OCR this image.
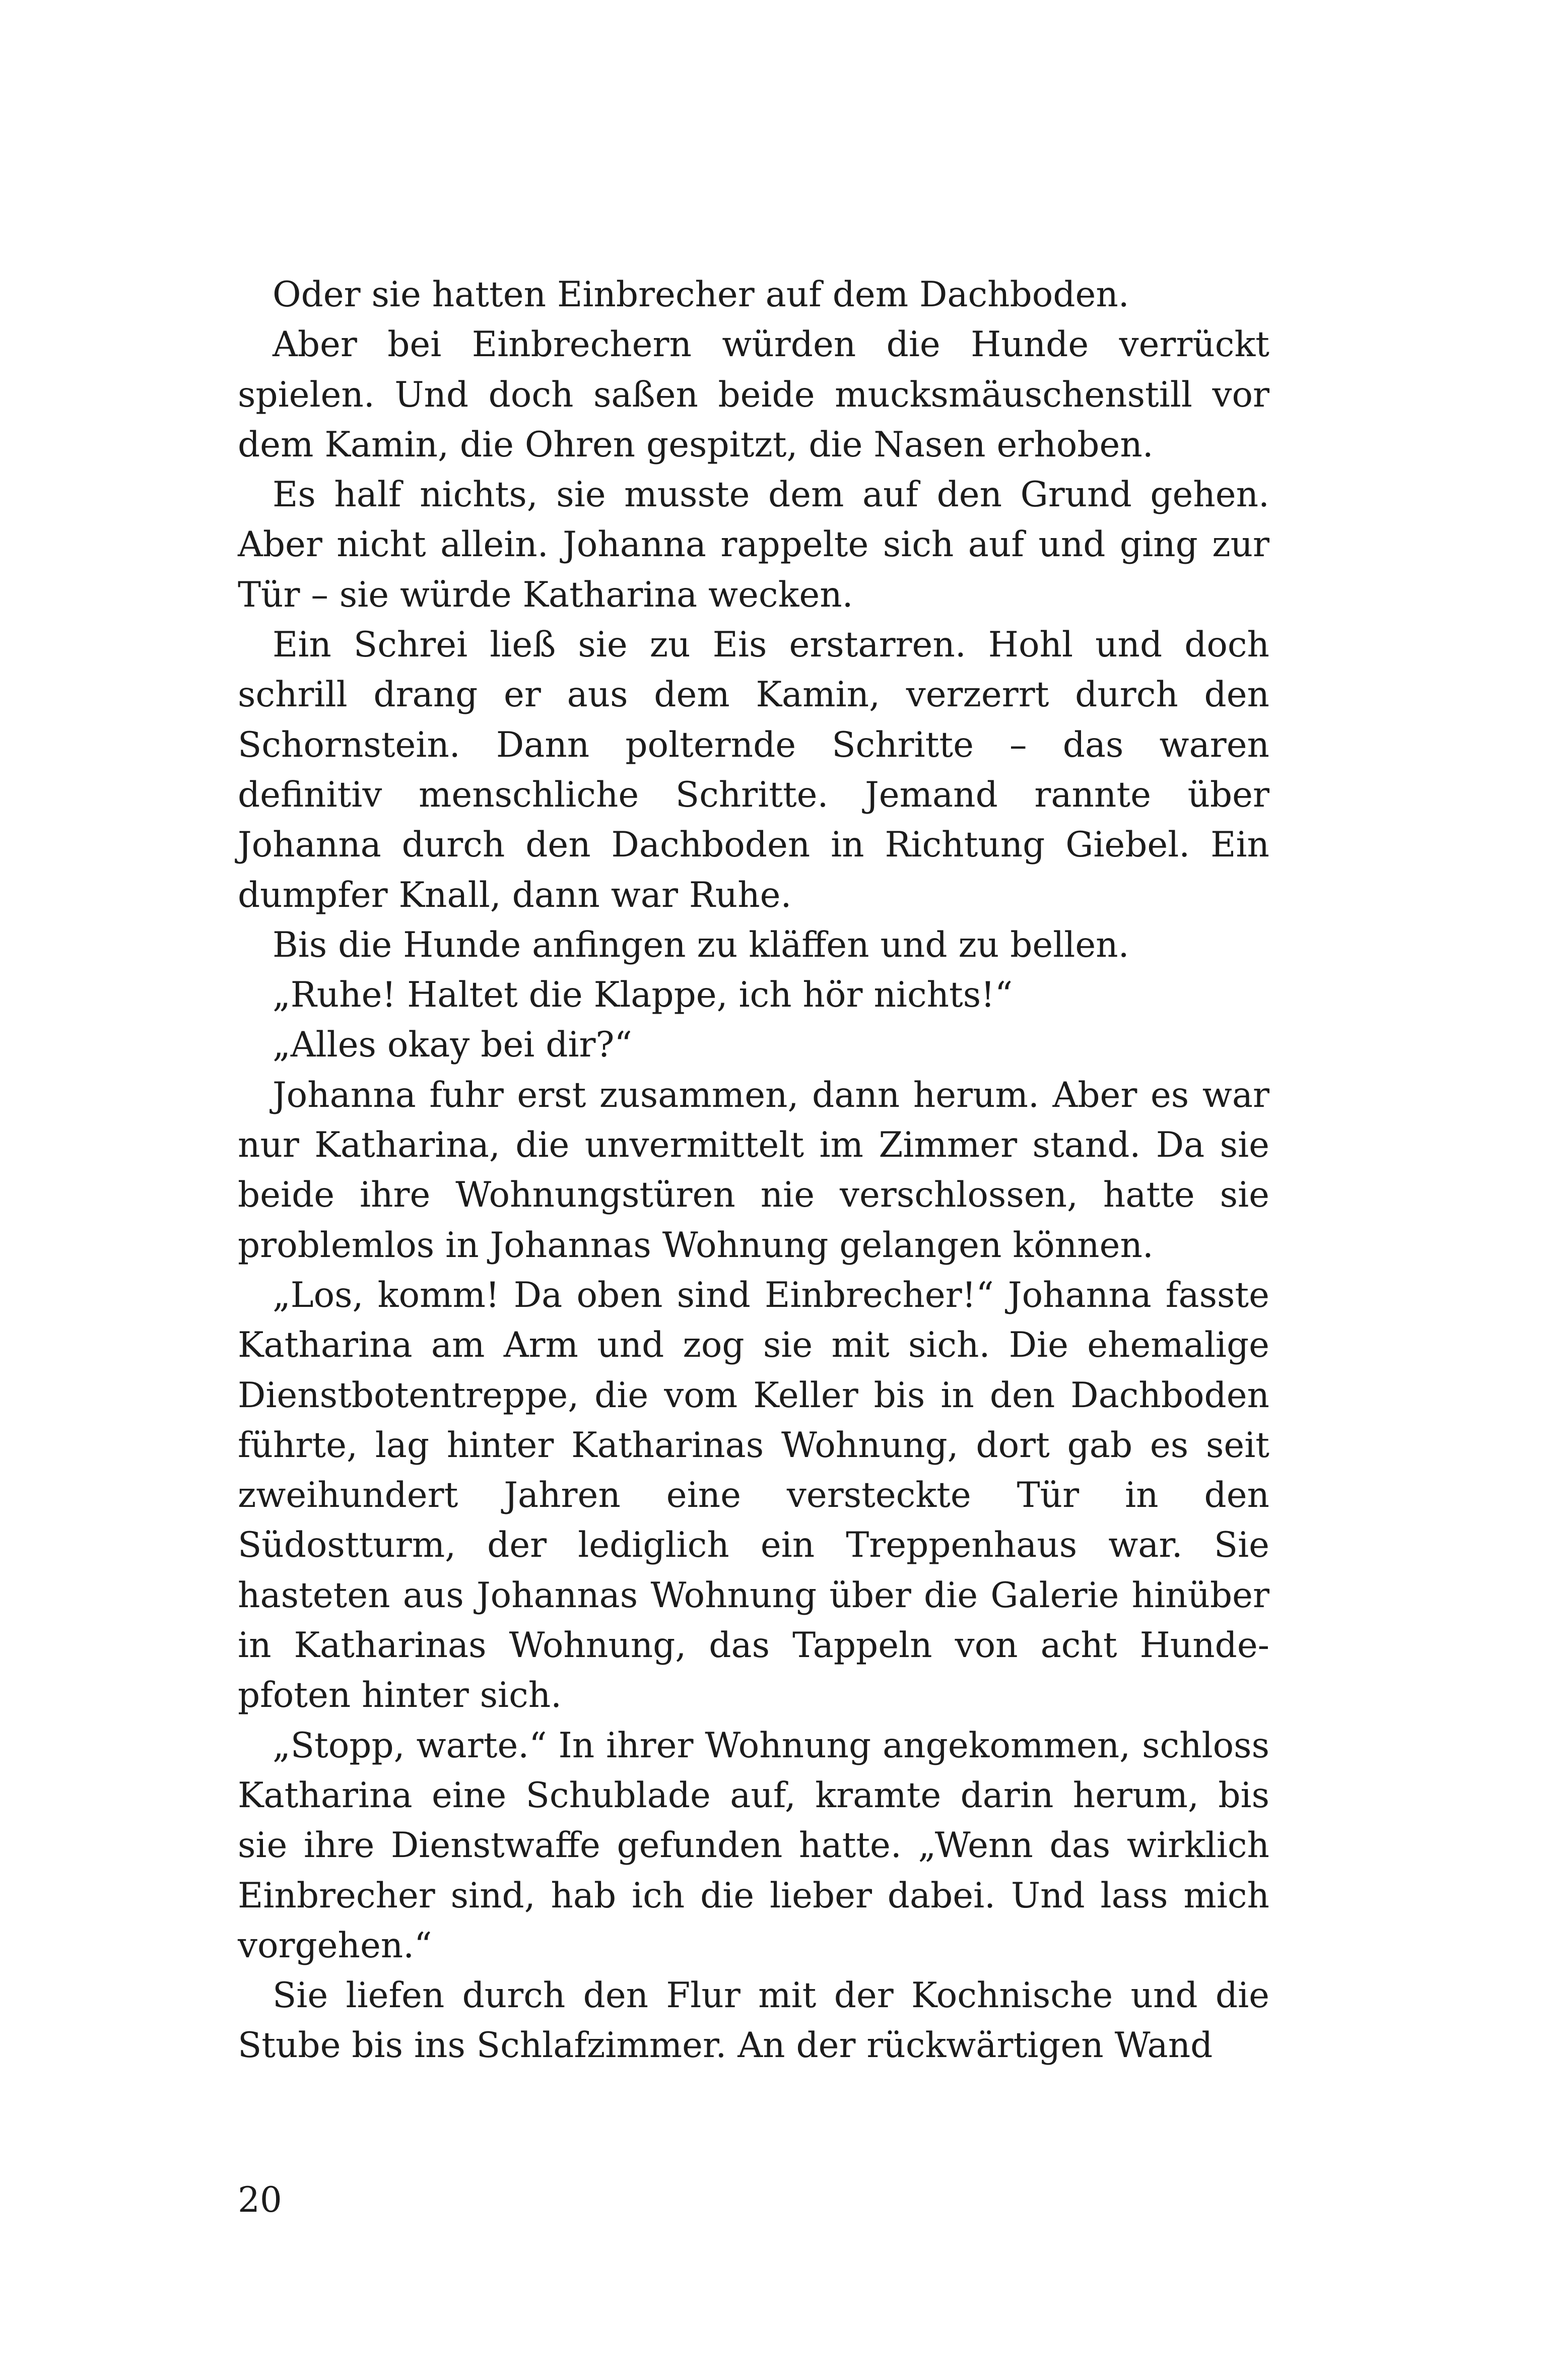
Oder sie hatten Einbrecher auf dem Dachboden.

Aber bei Einbrechern würden die Hunde verrückt spielen. Und doch saßen beide mucksmäuschenstill vor dem Kamin, die Ohren gespitzt, die Nasen erhoben.

Es half nichts, sie musste dem auf den Grund gehen. Aber nicht allein. Johanna rappelte sich auf und ging zur Tür – sie würde Katharina wecken.

Ein Schrei ließ sie zu Eis erstarren. Hohl und doch schrill drang er aus dem Kamin, verzerrt durch den Schornstein. Dann polternde Schritte – das waren definitiv menschliche Schritte. Jemand rannte über Johanna durch den Dachboden in Richtung Giebel. Ein dumpfer Knall, dann war Ruhe.

Bis die Hunde anfingen zu kläffen und zu bellen.

„Ruhe! Haltet die Klappe, ich hör nichts!“

„Alles okay bei dir?“

Johanna fuhr erst zusammen, dann herum. Aber es war nur Katharina, die unvermittelt im Zimmer stand. Da sie beide ihre Wohnungstüren nie verschlossen, hatte sie problemlos in Johannas Wohnung gelangen können.

„Los, komm! Da oben sind Einbrecher!“ Johanna fasste Katharina am Arm und zog sie mit sich. Die ehemalige Dienstbotentreppe, die vom Keller bis in den Dachboden führte, lag hinter Katharinas Wohnung, dort gab es seit zweihundert Jahren eine versteckte Tür in den Südostturm, der lediglich ein Treppenhaus war. Sie hasteten aus Johannas Wohnung über die Galerie hinüber in Katharinas Wohnung, das Tappeln von acht Hundepfoten hinter sich.

„Stopp, warte.“ In ihrer Wohnung angekommen, schloss Katharina eine Schublade auf, kramte darin herum, bis sie ihre Dienstwaffe gefunden hatte. „Wenn das wirklich Einbrecher sind, hab ich die lieber dabei. Und lass mich vorgehen.“

Sie liefen durch den Flur mit der Kochnische und die Stube bis ins Schlafzimmer. An der rückwärtigen Wand

20
